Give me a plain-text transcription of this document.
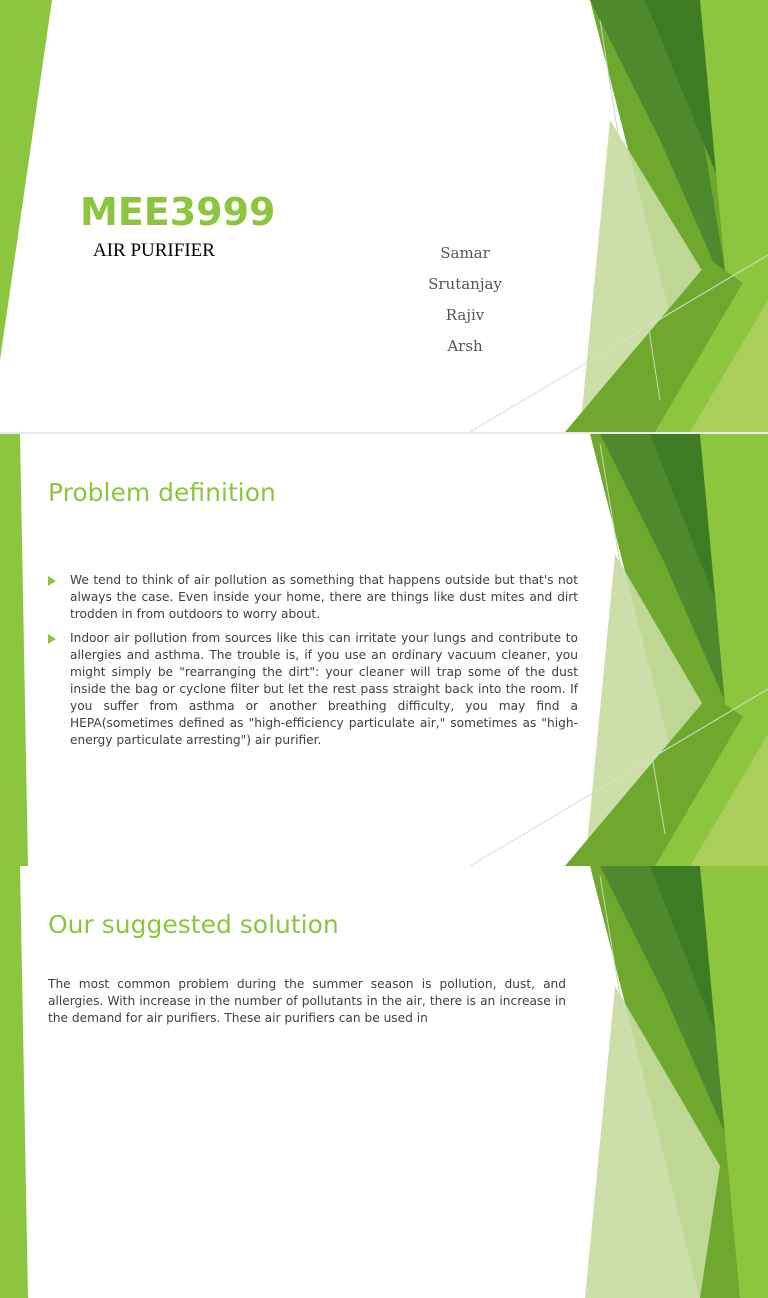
MEE3999
AIR PURIFIER	Samar
Srutanjay
Rajiv
Arsh
Problem definition

We tend to think of air pollution as something that happens outside but that's not always the case. Even inside your home, there are things like dust mites and dirt trodden in from outdoors to worry about.

Indoor air pollution from sources like this can irritate your lungs and contribute to allergies and asthma. The trouble is, if you use an ordinary vacuum cleaner, you might simply be "rearranging the dirt": your cleaner will trap some of the dust inside the bag or cyclone filter but let the rest pass straight back into the room. If you suffer from asthma or another breathing difficulty, you may find a HEPA(sometimes defined as "high-efficiency particulate air," sometimes as "high-energy particulate arresting") air purifier.

Our suggested solution

The most common problem during the summer season is pollution, dust, and allergies. With increase in the number of pollutants in the air, there is an increase in the demand for air purifiers. These air purifiers can be used in
